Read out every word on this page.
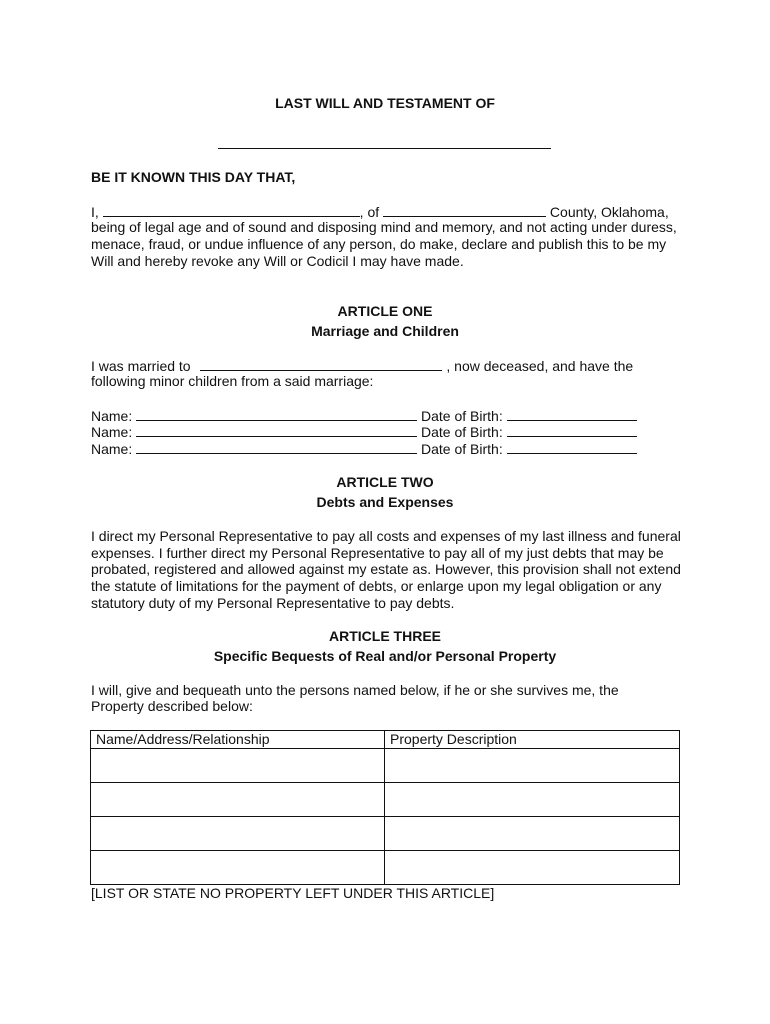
LAST WILL AND TESTAMENT OF
BE IT KNOWN THIS DAY THAT,
I,	, of	County, Oklahoma,
being of legal age and of sound and disposing mind and memory, and not acting under duress,
menace, fraud, or undue influence of any person, do make, declare and publish this to be my
Will and hereby revoke any Will or Codicil I may have made.
ARTICLE ONE
Marriage and Children
I was married to	, now deceased, and have the
following minor children from a said marriage:
Name:	Date of Birth:
Name:	Date of Birth:
Name:	Date of Birth:
ARTICLE TWO
Debts and Expenses
I direct my Personal Representative to pay all costs and expenses of my last illness and funeral
expenses. I further direct my Personal Representative to pay all of my just debts that may be
probated, registered and allowed against my estate as. However, this provision shall not extend
the statute of limitations for the payment of debts, or enlarge upon my legal obligation or any
statutory duty of my Personal Representative to pay debts.
ARTICLE THREE
Specific Bequests of Real and/or Personal Property
I will, give and bequeath unto the persons named below, if he or she survives me, the
Property described below:
Name/Address/Relationship	Property Description

[LIST OR STATE NO PROPERTY LEFT UNDER THIS ARTICLE]
